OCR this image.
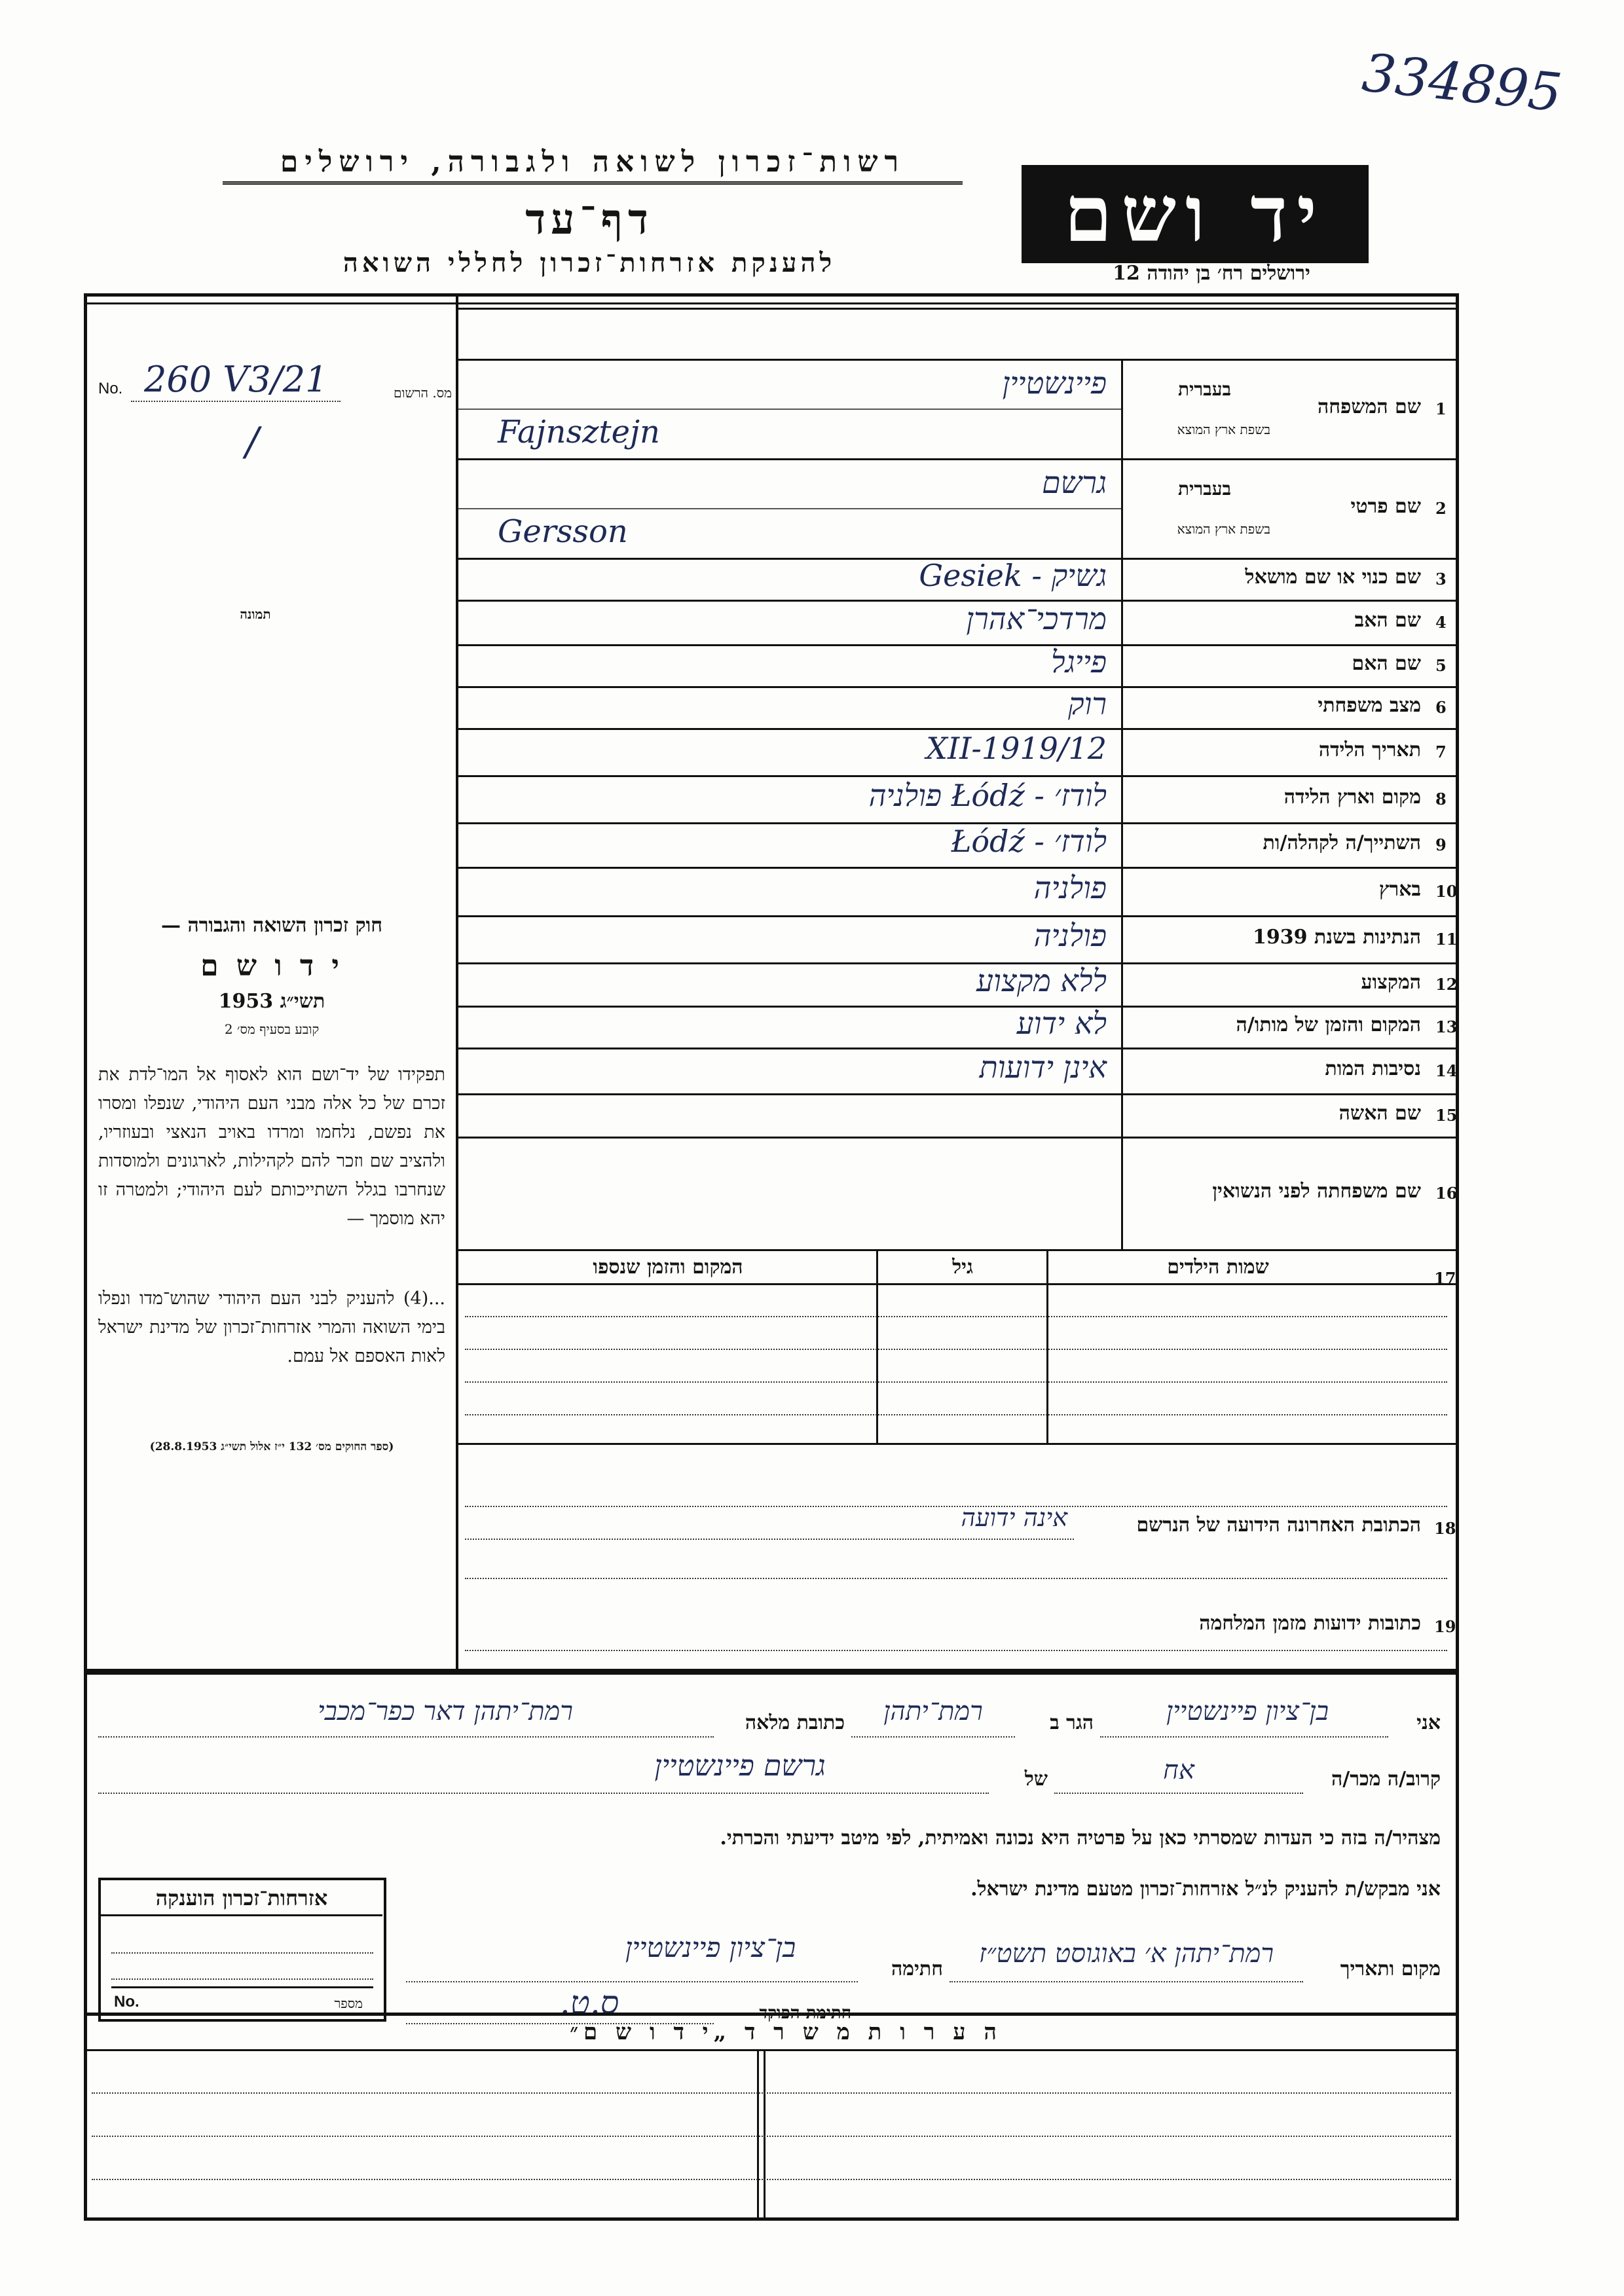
334895
רשות־זכרון לשואה ולגבורה, ירושלים
דף־עד
להענקת אזרחות־זכרון לחללי השואה
יד ושם
ירושלים רח׳ בן יהודה 12
No. 260 V3/21	מס. הרשום
/
תמונה
חוק זכרון השואה והגבורה —
י ד ו ש ם
תשי״ג 1953
קובע בסעיף מס׳ 2
תפקידו של יד־ושם הוא לאסוף אל המו־לדת את זכרם של כל אלה מבני העם היהודי, שנפלו ומסרו את נפשם, נלחמו ומרדו באויב הנאצי ובעוזריו, ולהציב שם וזכר להם לקהילות, לארגונים ולמוסדות שנחרבו בגלל השתייכותם לעם היהודי; ולמטרה זו יהא מוסמך —
...(4) להעניק לבני העם היהודי שהוש־מדו ונפלו בימי השואה והמרי אזרחות־זכרון של מדינת ישראל לאות האספם אל עמם.
(ספר החוקים מס׳ 132 י״ז אלול תשי״ג 28.8.1953)
1
שם המשפחה
בעברית
בשפת ארץ המוצא
פיינשטיין
Fajnsztejn
2
שם פרטי
בעברית
בשפת ארץ המוצא
גרשם
Gersson
3
שם כנוי או שם מושאל
גשיק - Gesiek
4
שם האב
מרדכי־אהרן
5
שם האם
פייגל
6
מצב משפחתי
רוק
7
תאריך הלידה
12/XII-1919
8
מקום וארץ הלידה
לודז׳ - Łódź פולניה
9
השתייך/ה לקהלה/ות
לודז׳ - Łódź
10
בארץ
פולניה
11
הנתינות בשנת 1939
פולניה
12
המקצוע
ללא מקצוע
13
המקום והזמן של מותו/ה
לא ידוע
14
נסיבות המות
אינן ידועות
15
שם האשה
16
שם משפחתה לפני הנשואין
17
שמות הילדים
גיל
המקום והזמן שנספו
18
הכתובת האחרונה הידועה של הנרשם
אינה ידועה
19
כתובות ידועות מזמן המלחמה
אני
בן־ציון פיינשטיין
הגר ב
רמת־יתהן
כתובת מלאה
רמת־יתהן דאר כפר־מכבי
קרוב/ה מכר/ה
אח
של
גרשם פיינשטיין
מצהיר/ה בזה כי העדות שמסרתי כאן על פרטיה היא נכונה ואמיתית, לפי מיטב ידיעתי והכרתי.
אני מבקש/ת להעניק לנ״ל אזרחות־זכרון מטעם מדינת ישראל.
מקום ותאריך
רמת־יתהן א׳ באוגוסט תשט״ז
חתימה
בן־ציון פיינשטיין
חתימת הפוקד
ס.ט.
אזרחות־זכרון הוענקה
No.	מספר
ה ע ר ו ת מ ש ר ד „י ד ו ש ם״
